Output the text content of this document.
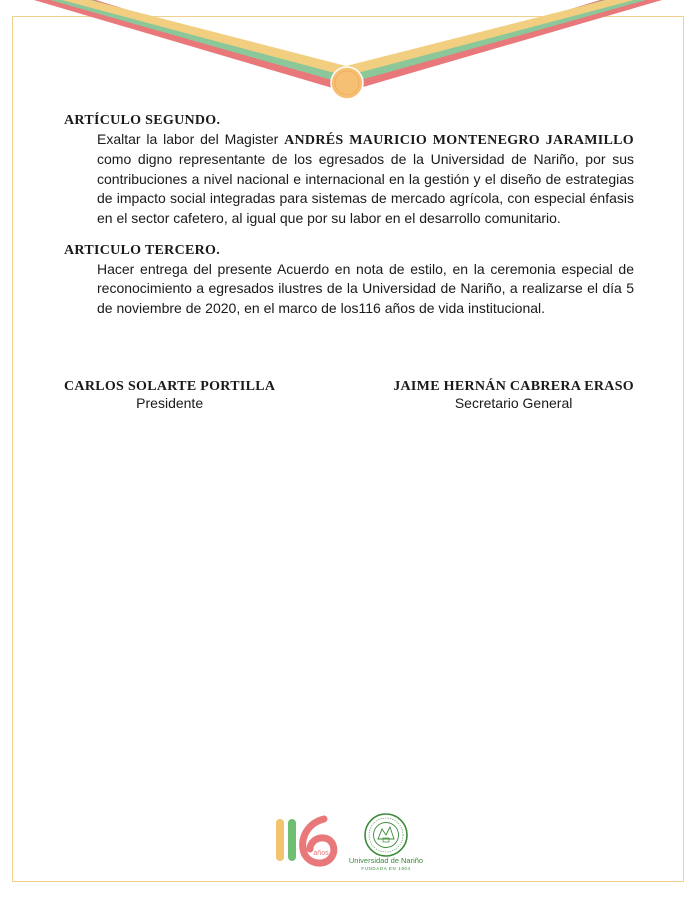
ARTÍCULO SEGUNDO.

Exaltar la labor del Magister ANDRÉS MAURICIO MONTENEGRO JARAMILLO como digno representante de los egresados de la Universidad de Nariño, por sus contribuciones a nivel nacional e internacional en la gestión y el diseño de estrategias de impacto social integradas para sistemas de mercado agrícola, con especial énfasis en el sector cafetero, al igual que por su labor en el desarrollo comunitario.

ARTICULO TERCERO.

Hacer entrega del presente Acuerdo en nota de estilo, en la ceremonia especial de reconocimiento a egresados ilustres de la Universidad de Nariño, a realizarse el día 5 de noviembre de 2020, en el marco de los116 años de vida institucional.

CARLOS SOLARTE PORTILLA
Presidente
JAIME HERNÁN CABRERA ERASO
Secretario General
años
Universidad de Nariño
FUNDADA EN 1904
